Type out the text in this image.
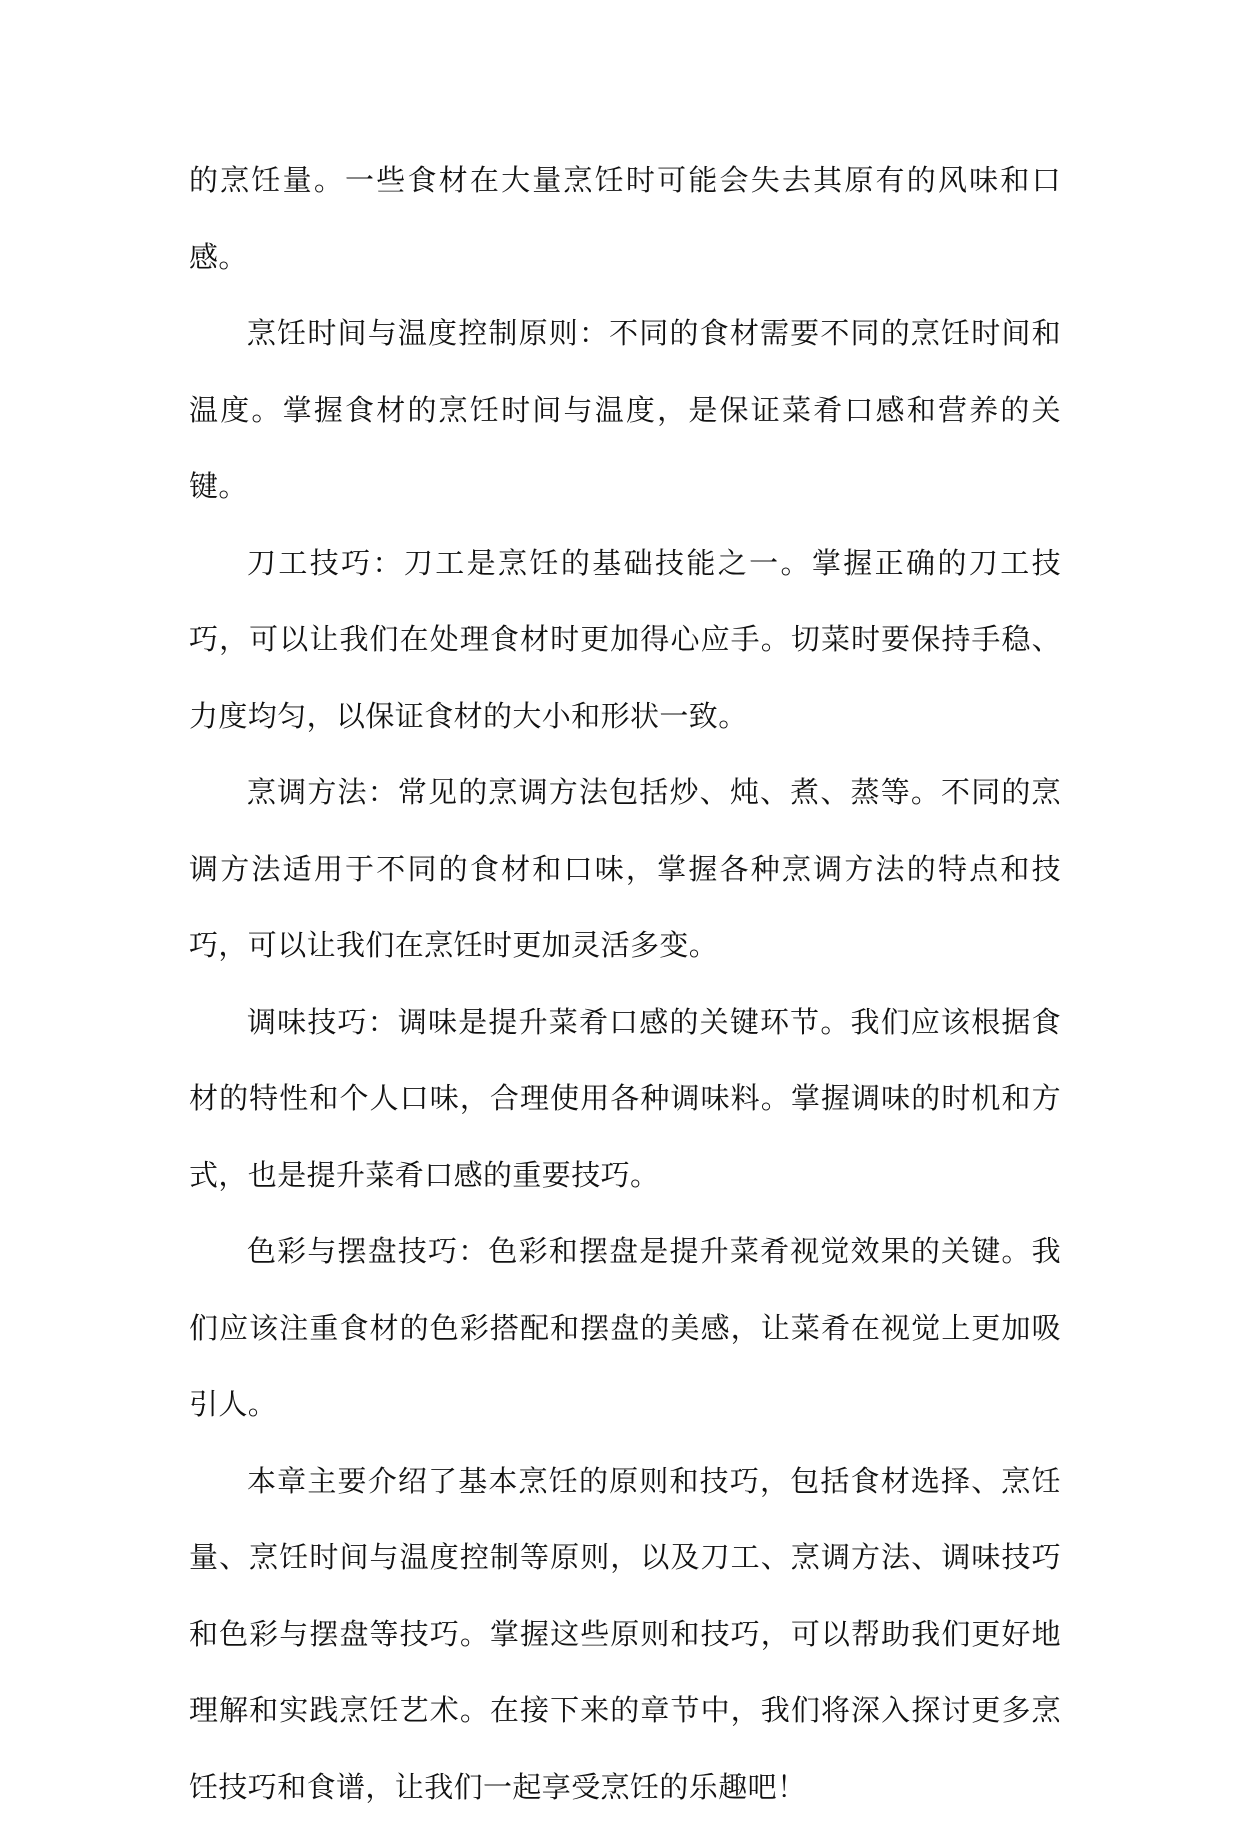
的烹饪量。一些食材在大量烹饪时可能会失去其原有的风味和口感。

烹饪时间与温度控制原则：不同的食材需要不同的烹饪时间和温度。掌握食材的烹饪时间与温度，是保证菜肴口感和营养的关键。

刀工技巧：刀工是烹饪的基础技能之一。掌握正确的刀工技巧，可以让我们在处理食材时更加得心应手。切菜时要保持手稳、力度均匀，以保证食材的大小和形状一致。

烹调方法：常见的烹调方法包括炒、炖、煮、蒸等。不同的烹调方法适用于不同的食材和口味，掌握各种烹调方法的特点和技巧，可以让我们在烹饪时更加灵活多变。

调味技巧：调味是提升菜肴口感的关键环节。我们应该根据食材的特性和个人口味，合理使用各种调味料。掌握调味的时机和方式，也是提升菜肴口感的重要技巧。

色彩与摆盘技巧：色彩和摆盘是提升菜肴视觉效果的关键。我们应该注重食材的色彩搭配和摆盘的美感，让菜肴在视觉上更加吸引人。

本章主要介绍了基本烹饪的原则和技巧，包括食材选择、烹饪量、烹饪时间与温度控制等原则，以及刀工、烹调方法、调味技巧和色彩与摆盘等技巧。掌握这些原则和技巧，可以帮助我们更好地理解和实践烹饪艺术。在接下来的章节中，我们将深入探讨更多烹饪技巧和食谱，让我们一起享受烹饪的乐趣吧！
